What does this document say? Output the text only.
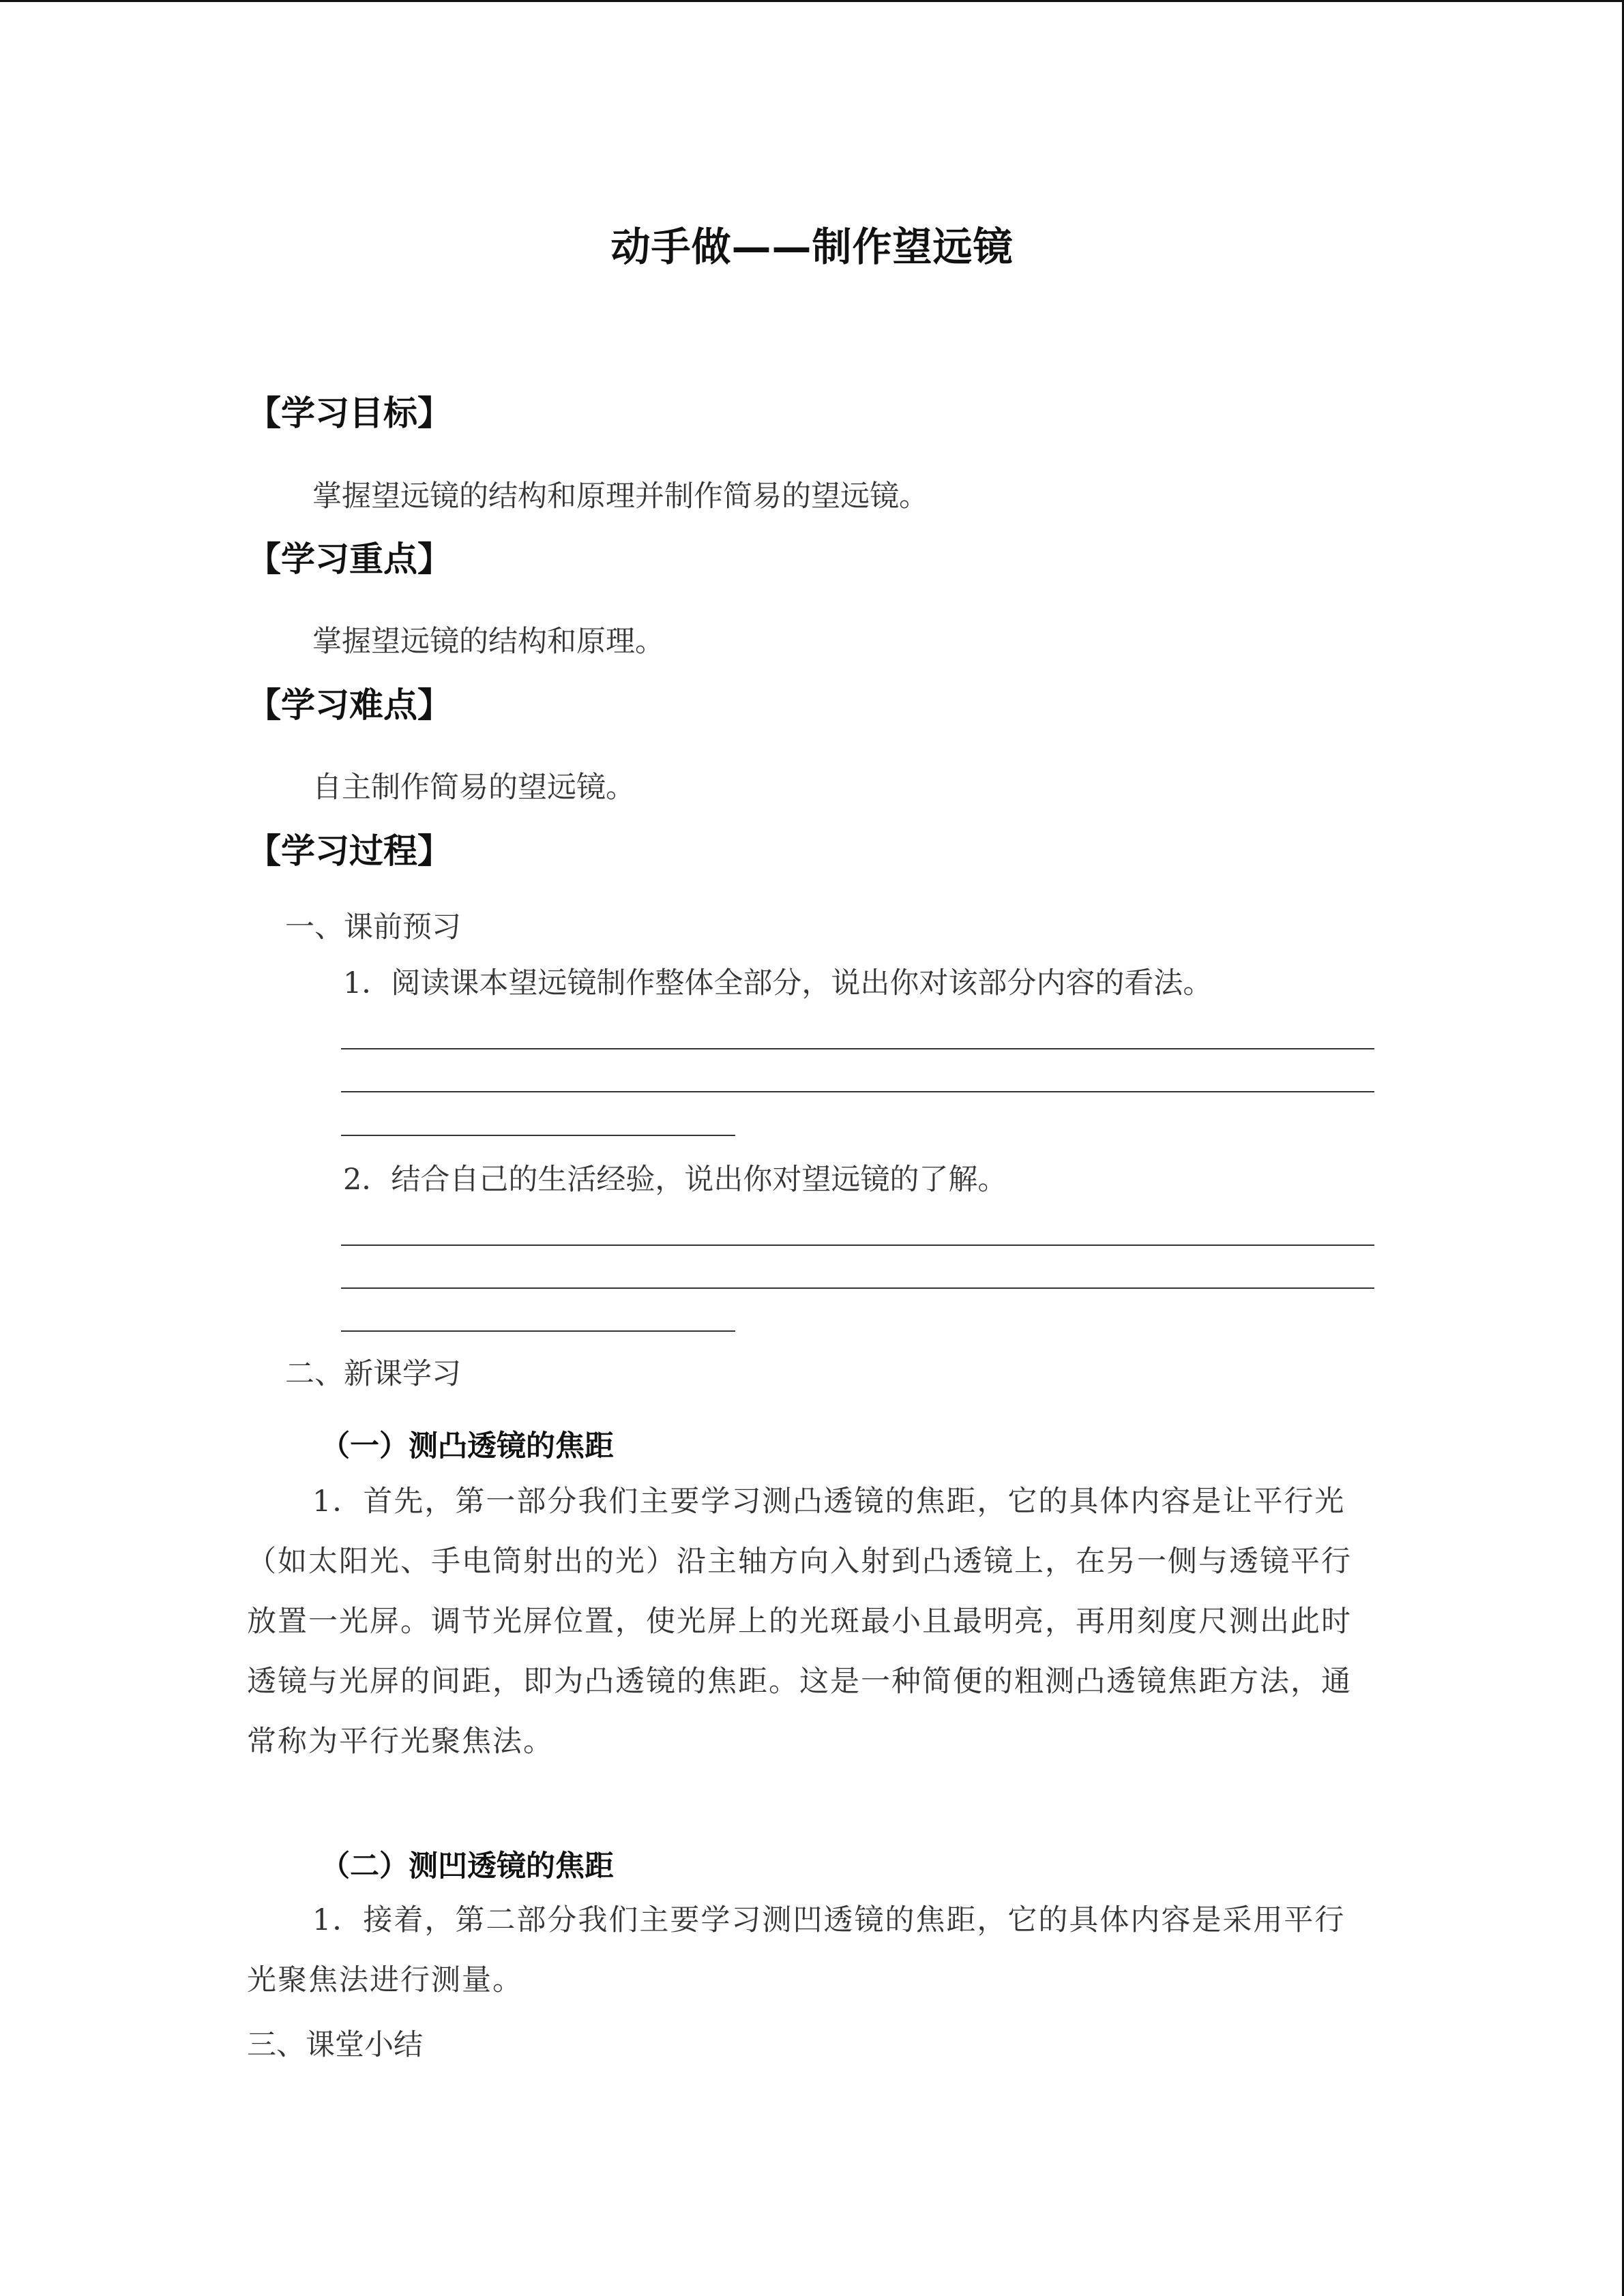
动手做——制作望远镜
【学习目标】
掌握望远镜的结构和原理并制作简易的望远镜。
【学习重点】
掌握望远镜的结构和原理。
【学习难点】
自主制作简易的望远镜。
【学习过程】
一、课前预习
1．阅读课本望远镜制作整体全部分，说出你对该部分内容的看法。
2．结合自己的生活经验，说出你对望远镜的了解。
二、新课学习
（一）测凸透镜的焦距
1．首先，第一部分我们主要学习测凸透镜的焦距，它的具体内容是让平行光（如太阳光、手电筒射出的光）沿主轴方向入射到凸透镜上，在另一侧与透镜平行放置一光屏。调节光屏位置，使光屏上的光斑最小且最明亮，再用刻度尺测出此时透镜与光屏的间距，即为凸透镜的焦距。这是一种简便的粗测凸透镜焦距方法，通常称为平行光聚焦法。
（二）测凹透镜的焦距
1．接着，第二部分我们主要学习测凹透镜的焦距，它的具体内容是采用平行光聚焦法进行测量。
三、课堂小结
